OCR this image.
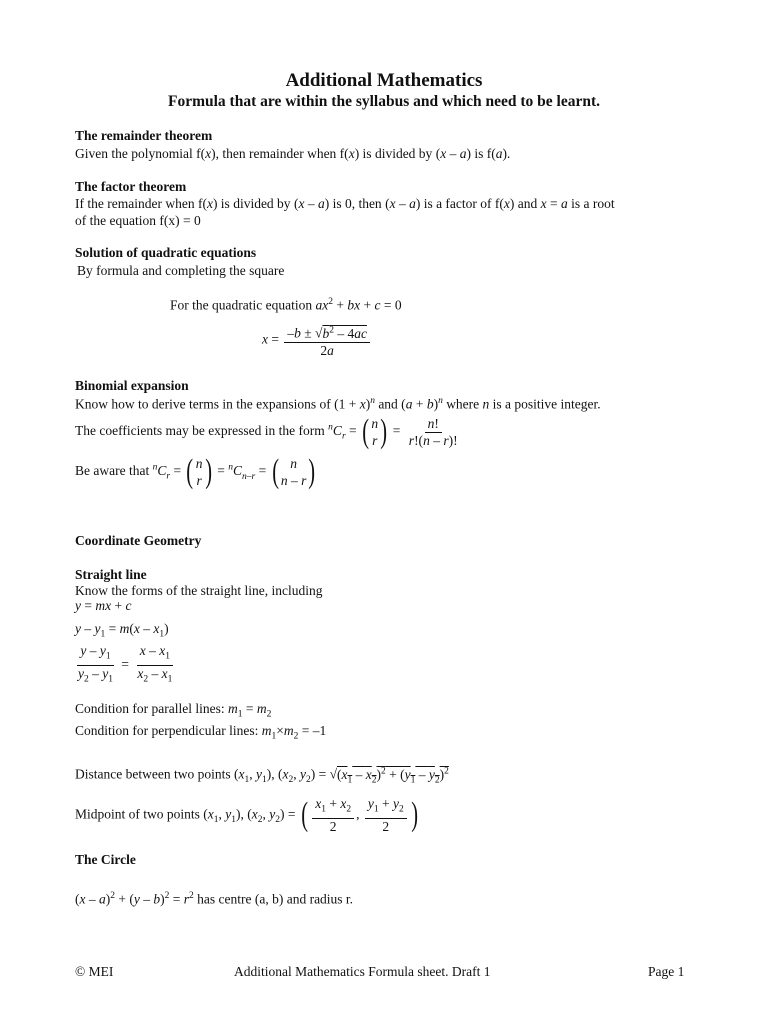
Additional Mathematics
Formula that are within the syllabus and which need to be learnt.
The remainder theorem
Given the polynomial f(x), then remainder when f(x) is divided by (x – a) is f(a).
The factor theorem
If the remainder when f(x) is divided by (x – a) is 0, then (x – a) is a factor of f(x) and x = a is a root
of the equation f(x) = 0
Solution of quadratic equations
By formula and completing the square
For the quadratic equation $ax^2$ + bx + c = 0
$x = \frac{-b \pm √b^2 - 4ac}{2a}$
Binomial expansion
Know how to derive terms in the expansions of $(1 + x)^n$ and $(a + b)^n$ where n is a positive integer.
The coefficients may be expressed in the form $^nC_r$ = ( n
r ) = $\frac{n!}{r!(n - r)!}$
Be aware that $^nC_r$ = ( n
r ) = $^nC_{n-r}$ = ( n
n – r )
Coordinate Geometry
Straight line
Know the forms of the straight line, including
y = mx + c
$y - y_1 = m(x - x_1)$
$\frac{y - y_1}{y_2 - y_1} = \frac{x - x_1}{x_2 - x_1}$
Condition for parallel lines: $m_1 = m_2$
Condition for perpendicular lines: $m_1\times m_2 = -1$
Distance between two points ($x_1$, $y_1$), ($x_2$, $y_2) = √(x_1 - x_2)^2 + (y_1 - y_2)^2$
Midpoint of two points ($x_1$, $y_1$), ($x_2$, $y_2$) = ( $\frac{x_1 + x_2}{2}$ , $\frac{y_1 + y_2}{2}$ )
The Circle
$(x - a)^2 + (y - b)^2 = r^2$ has centre (a, b) and radius r.
© MEI	Additional Mathematics Formula sheet. Draft 1	Page 1
